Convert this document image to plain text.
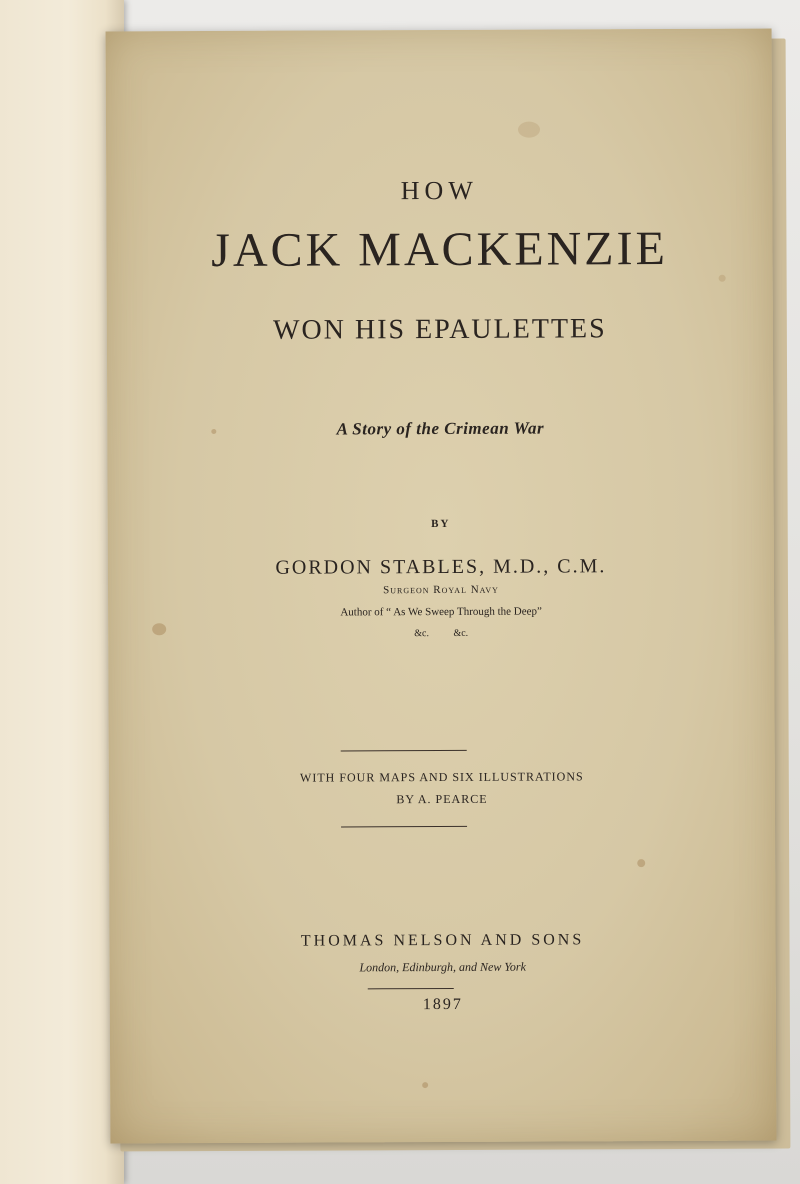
HOW

JACK MACKENZIE

WON HIS EPAULETTES

A Story of the Crimean War

BY

GORDON STABLES, M.D., C.M.

Surgeon Royal Navy

Author of “ As We Sweep Through the Deep”

&c. &c.

WITH FOUR MAPS AND SIX ILLUSTRATIONS

BY A. PEARCE

THOMAS NELSON AND SONS

London, Edinburgh, and New York

1897
